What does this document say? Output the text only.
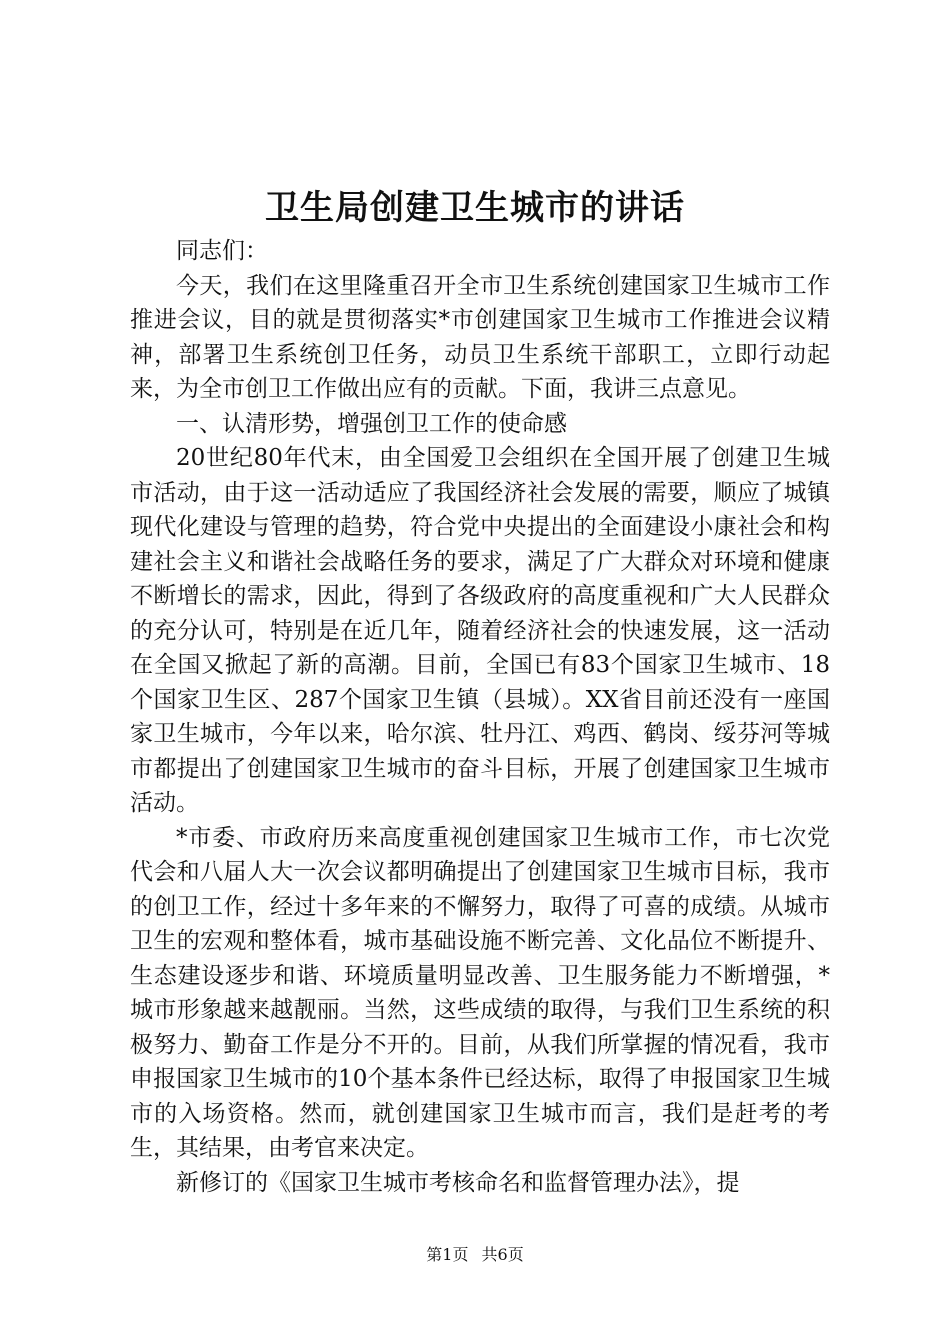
卫生局创建卫生城市的讲话

同志们：

今天，我们在这里隆重召开全市卫生系统创建国家卫生城市工作推进会议，目的就是贯彻落实*市创建国家卫生城市工作推进会议精神，部署卫生系统创卫任务，动员卫生系统干部职工，立即行动起来，为全市创卫工作做出应有的贡献。下面，我讲三点意见。

一、认清形势，增强创卫工作的使命感

20世纪80年代末，由全国爱卫会组织在全国开展了创建卫生城市活动，由于这一活动适应了我国经济社会发展的需要，顺应了城镇现代化建设与管理的趋势，符合党中央提出的全面建设小康社会和构建社会主义和谐社会战略任务的要求，满足了广大群众对环境和健康不断增长的需求，因此，得到了各级政府的高度重视和广大人民群众的充分认可，特别是在近几年，随着经济社会的快速发展，这一活动在全国又掀起了新的高潮。目前，全国已有83个国家卫生城市、18个国家卫生区、287个国家卫生镇（县城）。XX省目前还没有一座国家卫生城市，今年以来，哈尔滨、牡丹江、鸡西、鹤岗、绥芬河等城市都提出了创建国家卫生城市的奋斗目标，开展了创建国家卫生城市活动。

*市委、市政府历来高度重视创建国家卫生城市工作，市七次党代会和八届人大一次会议都明确提出了创建国家卫生城市目标，我市的创卫工作，经过十多年来的不懈努力，取得了可喜的成绩。从城市卫生的宏观和整体看，城市基础设施不断完善、文化品位不断提升、生态建设逐步和谐、环境质量明显改善、卫生服务能力不断增强，*城市形象越来越靓丽。当然，这些成绩的取得，与我们卫生系统的积极努力、勤奋工作是分不开的。目前，从我们所掌握的情况看，我市申报国家卫生城市的10个基本条件已经达标，取得了申报国家卫生城市的入场资格。然而，就创建国家卫生城市而言，我们是赶考的考生，其结果，由考官来决定。

新修订的《国家卫生城市考核命名和监督管理办法》，提

第1页 共6页
